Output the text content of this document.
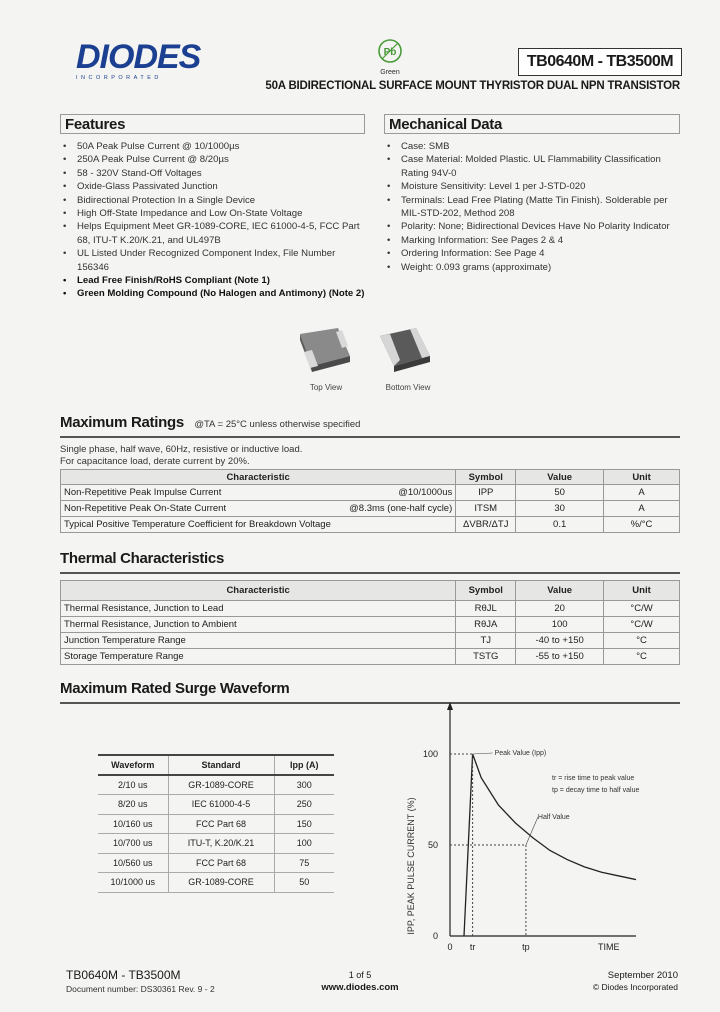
DIODES
INCORPORATED
Pb
Green
TB0640M - TB3500M
50A BIDIRECTIONAL SURFACE MOUNT THYRISTOR DUAL NPN TRANSISTOR
Features
• 50A Peak Pulse Current @ 10/1000µs
• 250A Peak Pulse Current @ 8/20µs
• 58 - 320V Stand-Off Voltages
• Oxide-Glass Passivated Junction
• Bidirectional Protection In a Single Device
• High Off-State Impedance and Low On-State Voltage
• Helps Equipment Meet GR-1089-CORE, IEC 61000-4-5, FCC Part 68, ITU-T K.20/K.21, and UL497B
• UL Listed Under Recognized Component Index, File Number 156346
• Lead Free Finish/RoHS Compliant (Note 1)
• Green Molding Compound (No Halogen and Antimony) (Note 2)
Mechanical Data
• Case: SMB
• Case Material: Molded Plastic. UL Flammability Classification Rating 94V-0
• Moisture Sensitivity: Level 1 per J-STD-020
• Terminals: Lead Free Plating (Matte Tin Finish). Solderable per MIL-STD-202, Method 208
• Polarity: None; Bidirectional Devices Have No Polarity Indicator
• Marking Information: See Pages 2 & 4
• Ordering Information: See Page 4
• Weight: 0.093 grams (approximate)
Top View	Bottom View
Maximum Ratings @TA = 25°C unless otherwise specified
Single phase, half wave, 60Hz, resistive or inductive load.
For capacitance load, derate current by 20%.
Characteristic	Symbol	Value	Unit
Non-Repetitive Peak Impulse Current @10/1000us	IPP	50	A
Non-Repetitive Peak On-State Current @8.3ms (one-half cycle)	ITSM	30	A
Typical Positive Temperature Coefficient for Breakdown Voltage	ΔVBR/ΔTJ	0.1	%/°C
Thermal Characteristics
Characteristic	Symbol	Value	Unit
Thermal Resistance, Junction to Lead	RθJL	20	°C/W
Thermal Resistance, Junction to Ambient	RθJA	100	°C/W
Junction Temperature Range	TJ	-40 to +150	°C
Storage Temperature Range	TSTG	-55 to +150	°C
Maximum Rated Surge Waveform
Waveform	Standard	Ipp (A)
2/10 us	GR-1089-CORE	300
8/20 us	IEC 61000-4-5	250
10/160 us	FCC Part 68	150
10/700 us	ITU-T, K.20/K.21	100
10/560 us	FCC Part 68	75
10/1000 us	GR-1089-CORE	50	IPP, PEAK PULSE CURRENT (%)
0
50
100
0 tr	tp	TIME
Peak Value (Ipp)
Half Value
tr = rise time to peak value
tp = decay time to half value
TB0640M - TB3500M
Document number: DS30361 Rev. 9 - 2
1 of 5
www.diodes.com
September 2010
© Diodes Incorporated
